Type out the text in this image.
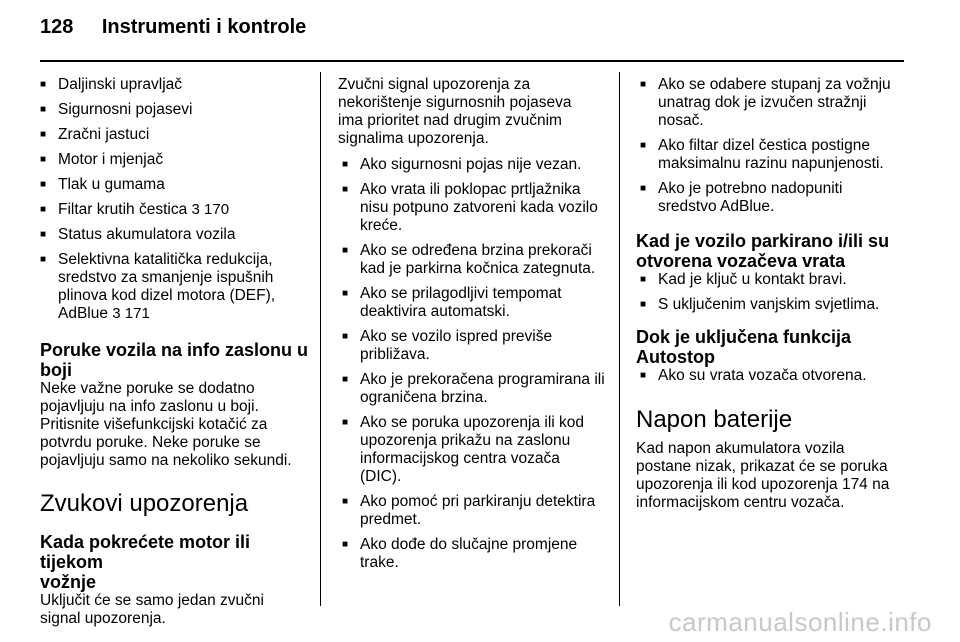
128 Instrumenti i kontrole
■ Daljinski upravljač
■ Sigurnosni pojasevi
■ Zračni jastuci
■ Motor i mjenjač
■ Tlak u gumama
■ Filtar krutih čestica 3 170
■ Status akumulatora vozila
■ Selektivna katalitička redukcija,
sredstvo za smanjenje ispušnih
plinova kod dizel motora (DEF),
AdBlue 3 171
Poruke vozila na info zaslonu u
boji

Neke važne poruke se dodatno
pojavljuju na info zaslonu u boji.
Pritisnite višefunkcijski kotačić za
potvrdu poruke. Neke poruke se
pojavljuju samo na nekoliko sekundi.

Zvukovi upozorenja
Kada pokrećete motor ili tijekom
vožnje

Uključit će se samo jedan zvučni
signal upozorenja.

Zvučni signal upozorenja za
nekorištenje sigurnosnih pojaseva
ima prioritet nad drugim zvučnim
signalima upozorenja.

■ Ako sigurnosni pojas nije vezan.
■ Ako vrata ili poklopac prtljažnika
nisu potpuno zatvoreni kada vozilo
kreće.
■ Ako se određena brzina prekorači
kad je parkirna kočnica zategnuta.
■ Ako se prilagodljivi tempomat
deaktivira automatski.
■ Ako se vozilo ispred previše
približava.
■ Ako je prekoračena programirana ili
ograničena brzina.
■ Ako se poruka upozorenja ili kod
upozorenja prikažu na zaslonu
informacijskog centra vozača
(DIC).
■ Ako pomoć pri parkiranju detektira
predmet.
■ Ako dođe do slučajne promjene
trake.
■ Ako se odabere stupanj za vožnju
unatrag dok je izvučen stražnji
nosač.
■ Ako filtar dizel čestica postigne
maksimalnu razinu napunjenosti.
■ Ako je potrebno nadopuniti
sredstvo AdBlue.
Kad je vozilo parkirano i/ili su
otvorena vozačeva vrata
■ Kad je ključ u kontakt bravi.
■ S uključenim vanjskim svjetlima.
Dok je uključena funkcija
Autostop
■ Ako su vrata vozača otvorena.
Napon baterije

Kad napon akumulatora vozila
postane nizak, prikazat će se poruka
upozorenja ili kod upozorenja 174 na
informacijskom centru vozača.

carmanualsonline.info
